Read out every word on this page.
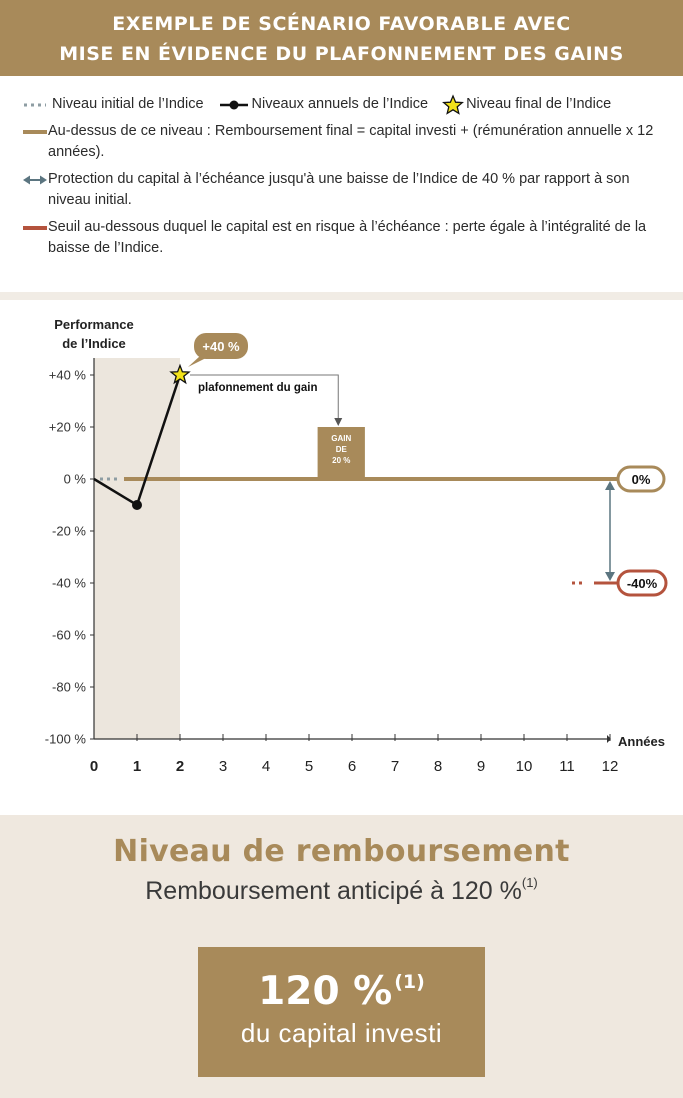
EXEMPLE DE SCÉNARIO FAVORABLE AVEC
MISE EN ÉVIDENCE DU PLAFONNEMENT DES GAINS
Niveau initial de l’Indice	Niveaux annuels de l’Indice	Niveau final de l’Indice
Au-dessus de ce niveau : Remboursement final = capital investi + (rémunération annuelle x 12 années).
Protection du capital à l’échéance jusqu'à une baisse de l’Indice de 40 % par rapport à son niveau initial.
Seuil au-dessous duquel le capital est en risque à l’échéance : perte égale à l’intégralité de la baisse de l’Indice.
+40 %
+20 %
0 %
-20 %
-40 %
-60 %
-80 %
-100 %
0 1 2 3 4 5 6 7 8 9 10 11 12
Années
Performance
de l’Indice
0%
-40%
GAIN
DE
20 %
plafonnement du gain
+40 %
Niveau de remboursement
Remboursement anticipé à 120 %$^{(1)}$
120 % $^{(1)}$
du capital investi
